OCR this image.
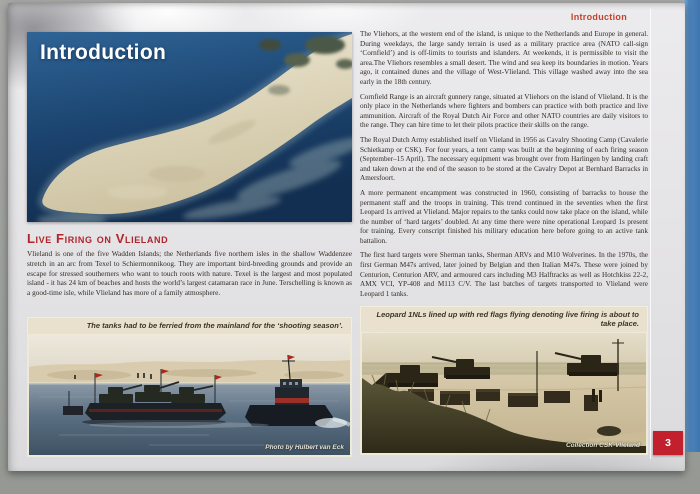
Introduction
Introduction
Live Firing on Vlieland

Vlieland is one of the five Wadden Islands; the Netherlands five northern isles in the shallow Waddenzee stretch in an arc from Texel to Schiermonnikoog. They are important bird-breeding grounds and provide an escape for stressed southerners who want to touch roots with nature. Texel is the largest and most populated island - it has 24 km of beaches and hosts the world’s largest catamaran race in June. Terschelling is known as a good-time isle, while Vlieland has more of a family atmosphere.

The tanks had to be ferried from the mainland for the ‘shooting season’.
Photo by Hulbert van Eck

The Vliehors, at the western end of the island, is unique to the Netherlands and Europe in general. During weekdays, the large sandy terrain is used as a military practice area (NATO call-sign ‘Cornfield’) and is off-limits to tourists and islanders. At weekends, it is permissible to visit the area.The Vliehors resembles a small desert. The wind and sea keep its boundaries in motion. Years ago, it contained dunes and the village of West-Vlieland. This village washed away into the sea early in the 18th century.

Cornfield Range is an aircraft gunnery range, situated at Vliehors on the island of Vlieland. It is the only place in the Netherlands where fighters and bombers can practice with both practice and live ammunition. Aircraft of the Royal Dutch Air Force and other NATO countries are daily visitors to the range. They can hire time to let their pilots practice their skills on the range.

The Royal Dutch Army established itself on Vlieland in 1956 as Cavalry Shooting Camp (Cavalerie Schietkamp or CSK). For four years, a tent camp was built at the beginning of each firing season (September–15 April). The necessary equipment was brought over from Harlingen by landing craft and taken down at the end of the season to be stored at the Cavalry Depot at Bernhard Barracks in Amersfoort.

A more permanent encampment was constructed in 1960, consisting of barracks to house the permanent staff and the troops in training. This trend continued in the seventies when the first Leopard 1s arrived at Vlieland. Major repairs to the tanks could now take place on the island, while the number of ‘hard targets’ doubled. At any time there were nine operational Leopard 1s present for training. Every conscript finished his military education here before going to an active tank battalion.

The first hard targets were Sherman tanks, Sherman ARVs and M10 Wolverines. In the 1970s, the first German M47s arrived, later joined by Belgian and then Italian M47s. These were joined by Centurion, Centurion ARV, and armoured cars including M3 Halftracks as well as Hotchkiss 22-2, AMX VCI, YP-408 and M113 C/V. The last batches of targets transported to Vlieland were Leopard 1 tanks.

Leopard 1NLs lined up with red flags flying denoting live firing is about to take place.
Collection CSK-Vlieland	3
